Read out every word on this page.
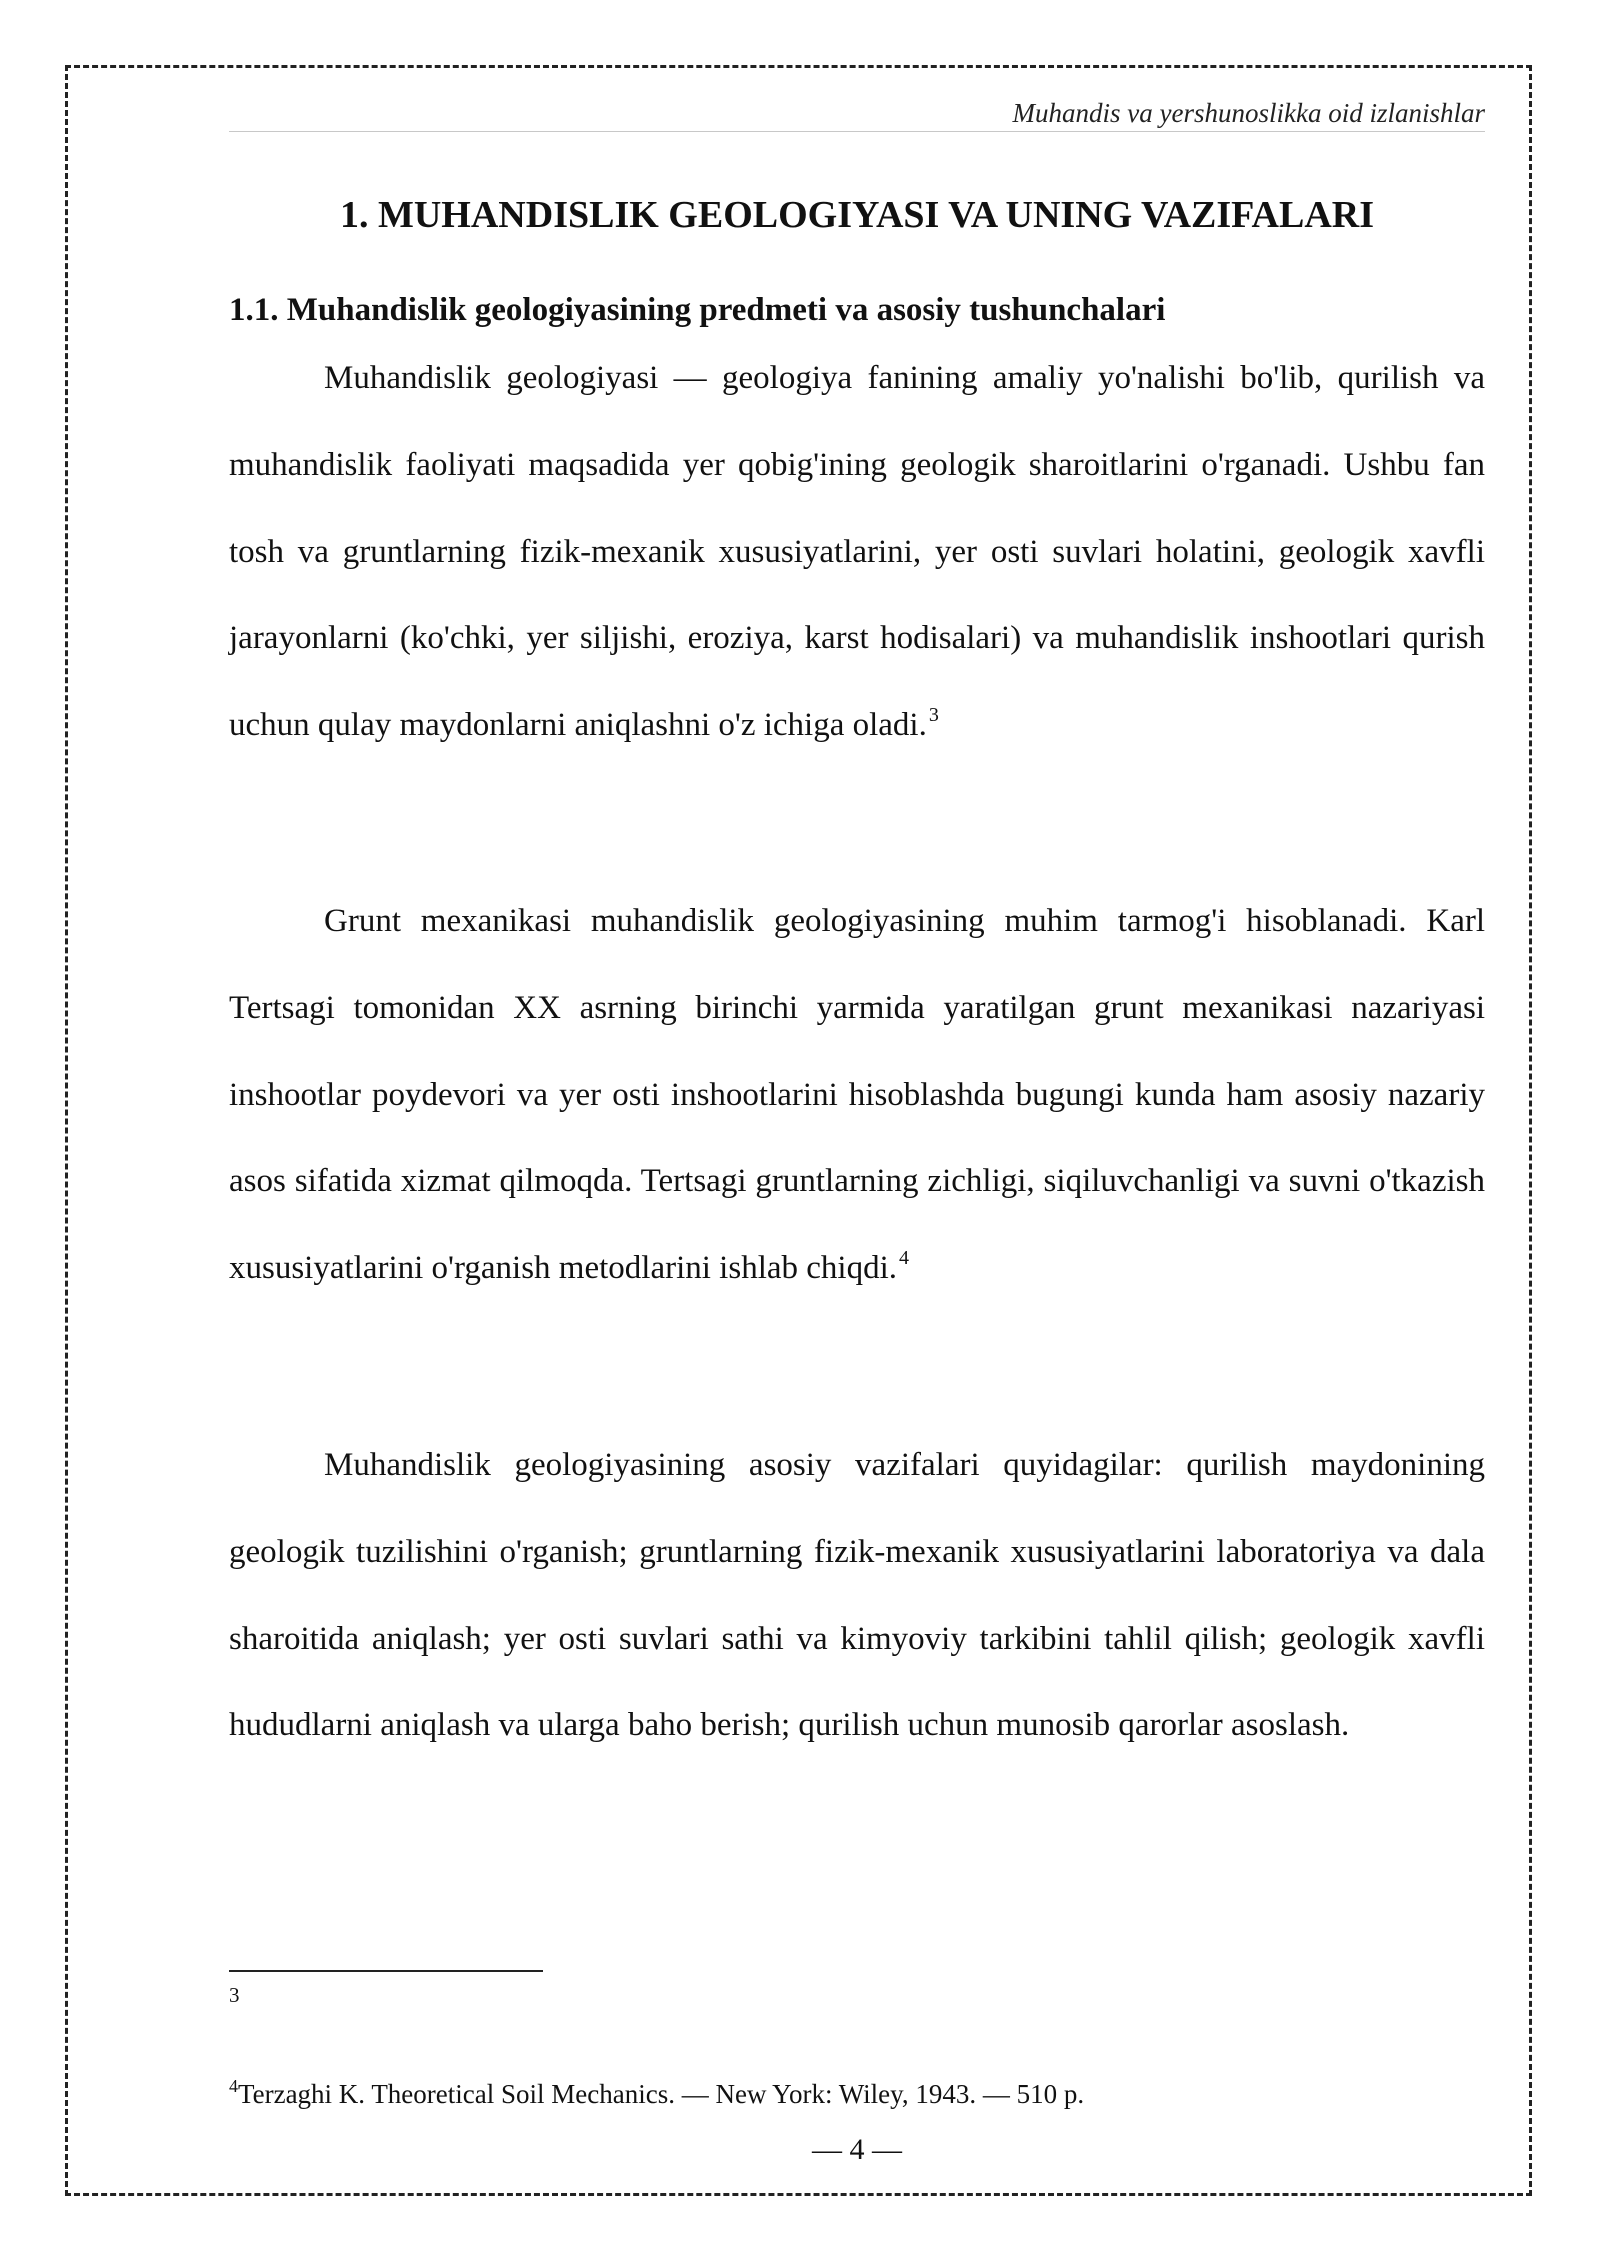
Muhandis va yershunoslikka oid izlanishlar
1. MUHANDISLIK GEOLOGIYASI VA UNING VAZIFALARI
1.1. Muhandislik geologiyasining predmeti va asosiy tushunchalari

Muhandislik geologiyasi — geologiya fanining amaliy yo'nalishi bo'lib, qurilish va muhandislik faoliyati maqsadida yer qobig'ining geologik sharoitlarini o'rganadi. Ushbu fan tosh va gruntlarning fizik-mexanik xususiyatlarini, yer osti suvlari holatini, geologik xavfli jarayonlarni (ko'chki, yer siljishi, eroziya, karst hodisalari) va muhandislik inshootlari qurish uchun qulay maydonlarni aniqlashni o'z ichiga oladi. $^3$

Grunt mexanikasi muhandislik geologiyasining muhim tarmog'i hisoblanadi. Karl Tertsagi tomonidan XX asrning birinchi yarmida yaratilgan grunt mexanikasi nazariyasi inshootlar poydevori va yer osti inshootlarini hisoblashda bugungi kunda ham asosiy nazariy asos sifatida xizmat qilmoqda. Tertsagi gruntlarning zichligi, siqiluvchanligi va suvni o'tkazish xususiyatlarini o'rganish metodlarini ishlab chiqdi. $^4$

Muhandislik geologiyasining asosiy vazifalari quyidagilar: qurilish maydonining geologik tuzilishini o'rganish; gruntlarning fizik-mexanik xususiyatlarini laboratoriya va dala sharoitida aniqlash; yer osti suvlari sathi va kimyoviy tarkibini tahlil qilish; geologik xavfli hududlarni aniqlash va ularga baho berish; qurilish uchun munosib qarorlar asoslash.

3
$^4$Terzaghi K. Theoretical Soil Mechanics. — New York: Wiley, 1943. — 510 p.
— 4 —
